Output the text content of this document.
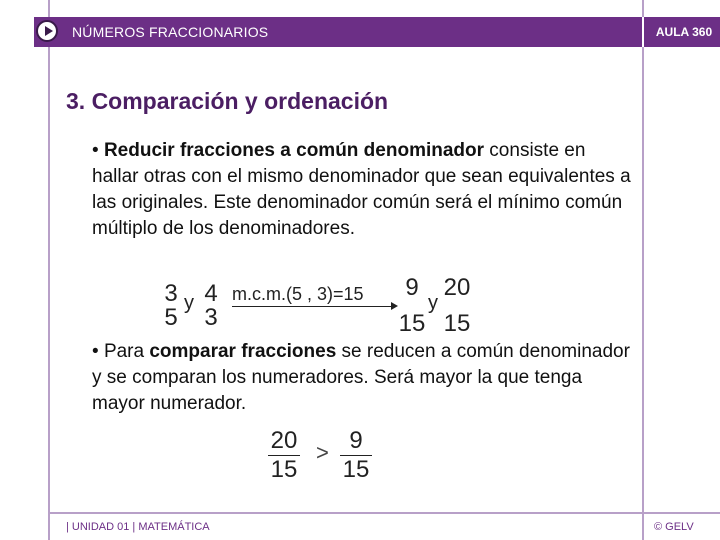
NÚMEROS FRACCIONARIOS	AULA 360
3. Comparación y ordenación

• Reducir fracciones a común denominador consiste en hallar otras con el mismo denominador que sean equivalentes a las originales. Este denominador común será el mínimo común múltiplo de los denominadores.

3
5
y 4
3
m.c.m.(5 , 3)=15	9
15
y
20
15

• Para comparar fracciones se reducen a común denominador y se comparan los numeradores. Será mayor la que tenga mayor numerador.

20
15
> 9
15
| UNIDAD 01 | MATEMÁTICA	© GELV
